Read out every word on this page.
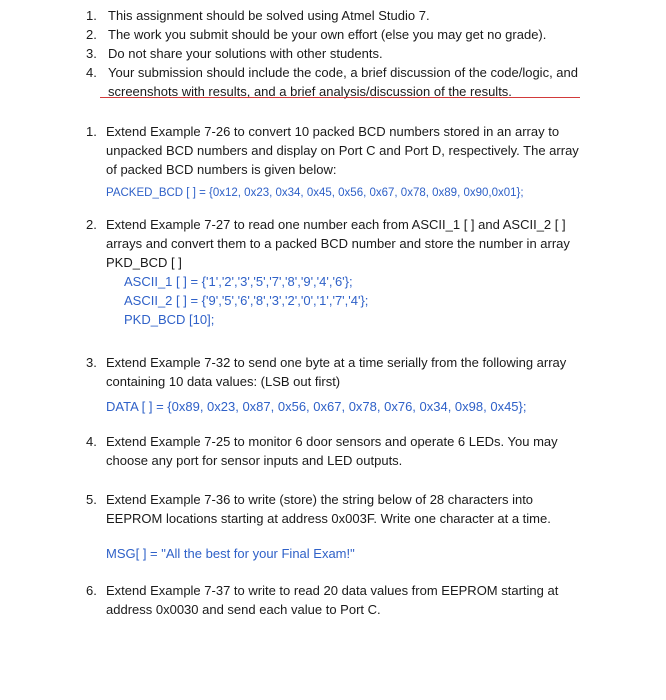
1. This assignment should be solved using Atmel Studio 7.
2. The work you submit should be your own effort (else you may get no grade).
3. Do not share your solutions with other students.
4. Your submission should include the code, a brief discussion of the code/logic, and screenshots with results, and a brief analysis/discussion of the results.
1. Extend Example 7-26 to convert 10 packed BCD numbers stored in an array to unpacked BCD numbers and display on Port C and Port D, respectively. The array of packed BCD numbers is given below:
PACKED_BCD [ ] = {0x12, 0x23, 0x34, 0x45, 0x56, 0x67, 0x78, 0x89, 0x90,0x01};
2. Extend Example 7-27 to read one number each from ASCII_1 [ ] and ASCII_2 [ ] arrays and convert them to a packed BCD number and store the number in array PKD_BCD [ ]
ASCII_1 [ ] = {'1','2','3','5','7','8','9','4','6'};
ASCII_2 [ ] = {'9','5','6','8','3','2','0','1','7','4'};
PKD_BCD [10];
3. Extend Example 7-32 to send one byte at a time serially from the following array containing 10 data values: (LSB out first)
DATA [ ] = {0x89, 0x23, 0x87, 0x56, 0x67, 0x78, 0x76, 0x34, 0x98, 0x45};
4. Extend Example 7-25 to monitor 6 door sensors and operate 6 LEDs. You may choose any port for sensor inputs and LED outputs.
5. Extend Example 7-36 to write (store) the string below of 28 characters into EEPROM locations starting at address 0x003F. Write one character at a time.
MSG[ ] = "All the best for your Final Exam!"
6. Extend Example 7-37 to write to read 20 data values from EEPROM starting at address 0x0030 and send each value to Port C.
